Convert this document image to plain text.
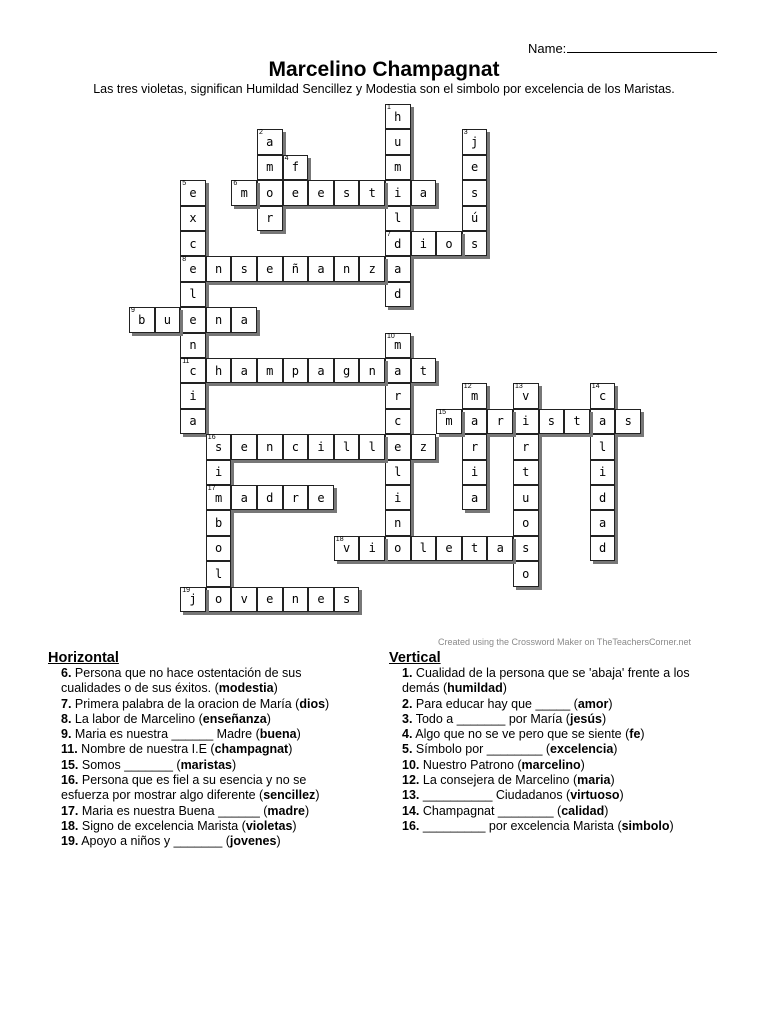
Name:
Marcelino Champagnat
Las tres violetas, significan Humildad Sencillez y Modestia son el simbolo por excelencia de los Maristas.
1
h
u
m
i
l
7
d
a
d
2
a
m
o
r
3
j
e
s
ú
s
4
f
e
5
e
x
c
8
e
l
e
n
11
c
i
a
6
m	e s t	a
i o
n s e ñ a n z
9
b u	n a
10
m
a
r
c
e
l
i
n
o
h a m p a g n	t
12
m
a
r
i
a
13
v
i
r
t
u
o
s
o
14
c
a
l
i
d
a
d
15
m	r	s t	s
16
s e n c i l l	z
i
17
m
b
o
l
o
a d r e
18
v i	l e t a
19
j	v e n e s
Created using the Crossword Maker on TheTeachersCorner.net
Horizontal
6. Persona que no hace ostentación de sus cualidades o de sus éxitos. (modestia)
7. Primera palabra de la oracion de María (dios)
8. La labor de Marcelino (enseñanza)
9. Maria es nuestra ______ Madre (buena)
11. Nombre de nuestra I.E (champagnat)
15. Somos _______ (maristas)
16. Persona que es fiel a su esencia y no se esfuerza por mostrar algo diferente (sencillez)
17. Maria es nuestra Buena ______ (madre)
18. Signo de excelencia Marista (violetas)
19. Apoyo a niños y _______ (jovenes)
Vertical
1. Cualidad de la persona que se 'abaja' frente a los demás (humildad)
2. Para educar hay que _____ (amor)
3. Todo a _______ por María (jesús)
4. Algo que no se ve pero que se siente (fe)
5. Símbolo por ________ (excelencia)
10. Nuestro Patrono (marcelino)
12. La consejera de Marcelino (maria)
13. __________ Ciudadanos (virtuoso)
14. Champagnat ________ (calidad)
16. _________ por excelencia Marista (simbolo)
